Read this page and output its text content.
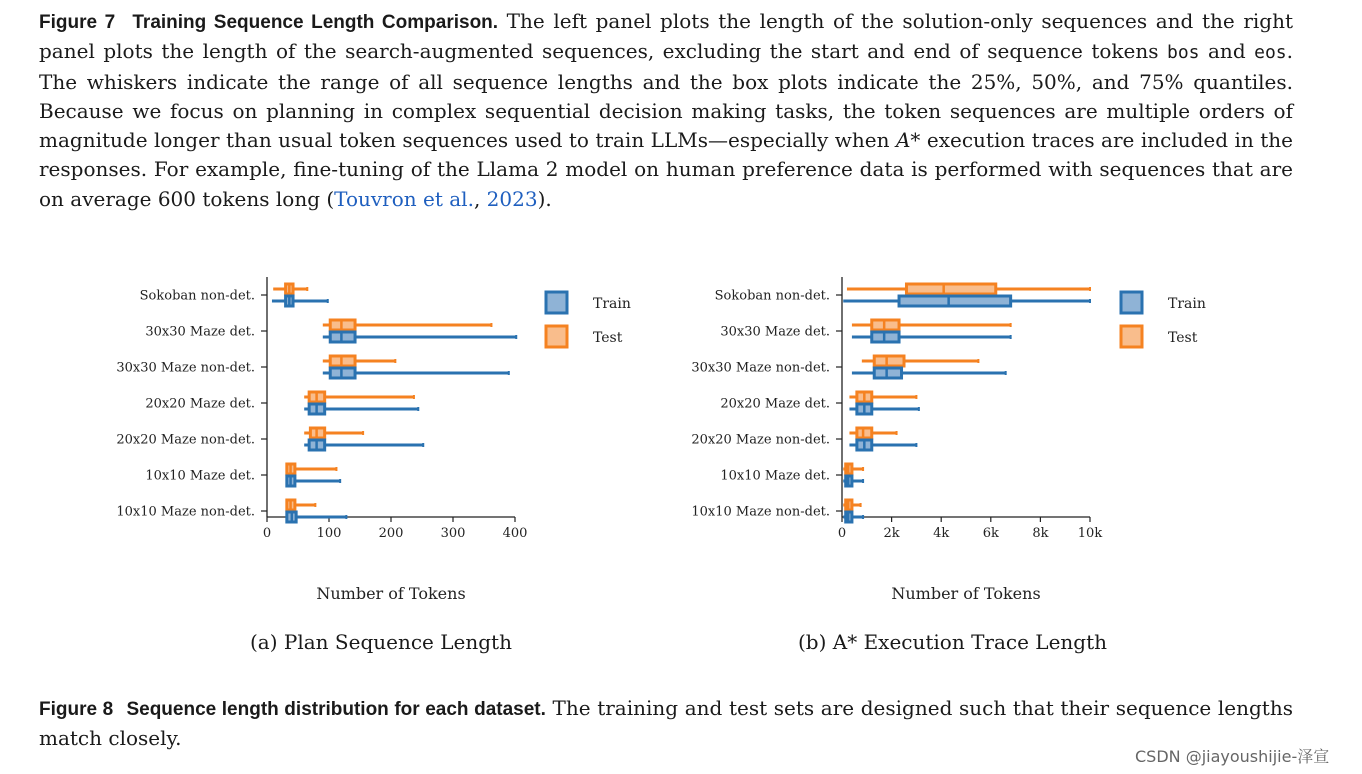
Figure 7 Training Sequence Length Comparison. The left panel plots the length of the solution-only sequences and the right panel plots the length of the search-augmented sequences, excluding the start and end of sequence tokens bos and eos. The whiskers indicate the range of all sequence lengths and the box plots indicate the 25%, 50%, and 75% quantiles. Because we focus on planning in complex sequential decision making tasks, the token sequences are multiple orders of magnitude longer than usual token sequences used to train LLMs—especially when A* execution traces are included in the responses. For example, fine-tuning of the Llama 2 model on human preference data is performed with sequences that are on average 600 tokens long (Touvron et al., 2023).
0	100	200	300	400
Number of Tokens
Sokoban non-det.
30x30 Maze det.
30x30 Maze non-det.
20x20 Maze det.
20x20 Maze non-det.
10x10 Maze det.
10x10 Maze non-det.
Train
Test
0	2k	4k	6k	8k 10k
Number of Tokens
Sokoban non-det.
30x30 Maze det.
30x30 Maze non-det.
20x20 Maze det.
20x20 Maze non-det.
10x10 Maze det.
10x10 Maze non-det.
Train
Test
(a) Plan Sequence Length	(b) A* Execution Trace Length
Figure 8 Sequence length distribution for each dataset. The training and test sets are designed such that their sequence lengths match closely.
CSDN @jiayoushijie-泽宣
